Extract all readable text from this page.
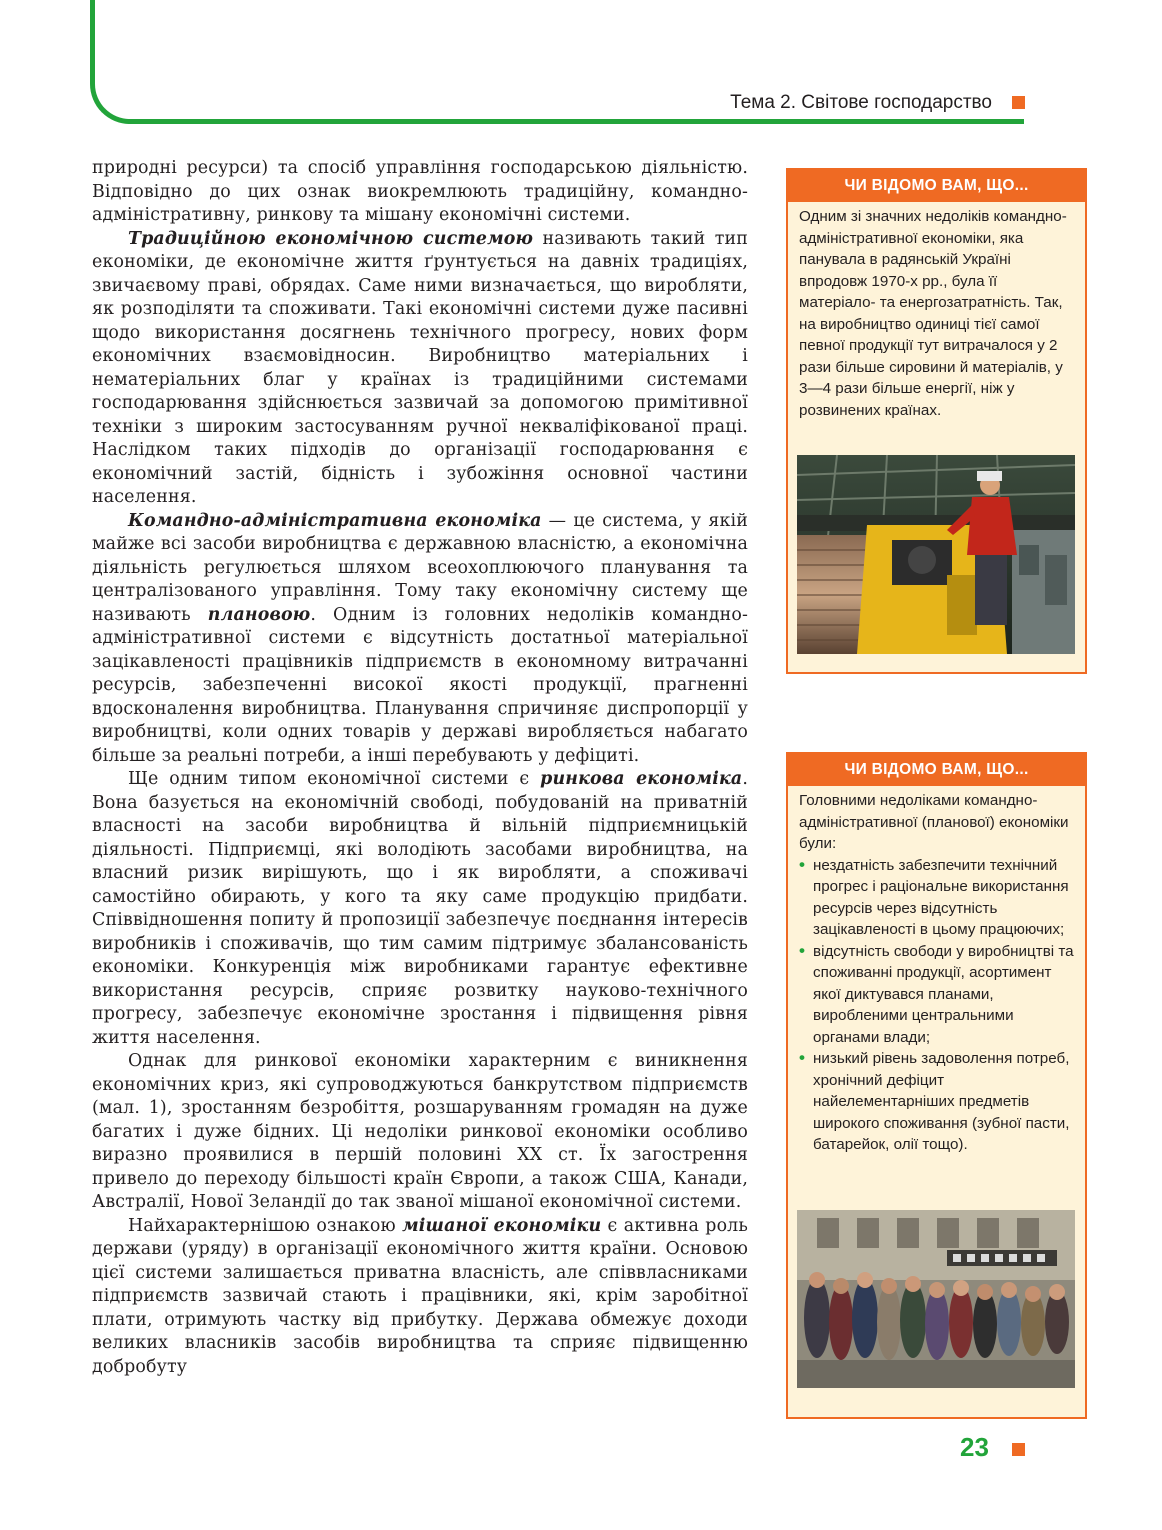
Тема 2. Світове господарство

природні ресурси) та спосіб управління господарською діяльністю. Відповідно до цих ознак виокремлюють традиційну, командно-адміністративну, ринкову та мішану економічні системи.

Традиційною економічною системою називають такий тип економіки, де економічне життя ґрунтується на давніх традиціях, звичаєвому праві, обрядах. Саме ними визначається, що виробляти, як розподіляти та споживати. Такі економічні системи дуже пасивні щодо використання досягнень технічного прогресу, нових форм економічних взаємовідносин. Виробництво матеріальних і нематеріальних благ у країнах із традиційними системами господарювання здійснюється зазвичай за допомогою примітивної техніки з широким застосуванням ручної некваліфікованої праці. Наслідком таких підходів до організації господарювання є економічний застій, бідність і зубожіння основної частини населення.

Командно-адміністративна економіка — це система, у якій майже всі засоби виробництва є державною власністю, а економічна діяльність регулюється шляхом всеохоплюючого планування та централізованого управління. Тому таку економічну систему ще називають плановою. Одним із головних недоліків командно-адміністративної системи є відсутність достатньої матеріальної зацікавленості працівників підприємств в економному витрачанні ресурсів, забезпеченні високої якості продукції, прагненні вдосконалення виробництва. Планування спричиняє диспропорції у виробництві, коли одних товарів у державі виробляється набагато більше за реальні потреби, а інші перебувають у дефіциті.

Ще одним типом економічної системи є ринкова економіка. Вона базується на економічній свободі, побудованій на приватній власності на засоби виробництва й вільній підприємницькій діяльності. Підприємці, які володіють засобами виробництва, на власний ризик вирішують, що і як виробляти, а споживачі самостійно обирають, у кого та яку саме продукцію придбати. Співвідношення попиту й пропозиції забезпечує поєднання інтересів виробників і споживачів, що тим самим підтримує збалансованість економіки. Конкуренція між виробниками гарантує ефективне використання ресурсів, сприяє розвитку науково-технічного прогресу, забезпечує економічне зростання і підвищення рівня життя населення.

Однак для ринкової економіки характерним є виникнення економічних криз, які супроводжуються банкрутством підприємств (мал. 1), зростанням безробіття, розшаруванням громадян на дуже багатих і дуже бідних. Ці недоліки ринкової економіки особливо виразно проявилися в першій половині XX ст. Їх загострення привело до переходу більшості країн Європи, а також США, Канади, Австралії, Нової Зеландії до так званої мішаної економічної системи.

Найхарактернішою ознакою мішаної економіки є активна роль держави (уряду) в організації економічного життя країни. Основою цієї системи залишається приватна власність, але співвласниками підприємств зазвичай стають і працівники, які, крім заробітної плати, отримують частку від прибутку. Держава обмежує доходи великих власників засобів виробництва та сприяє підвищенню добробуту

ЧИ ВІДОМО ВАМ, ЩО...
Одним зі значних недоліків командно-адміністративної економіки, яка панувала в радянській Україні впродовж 1970-х рр., була її матеріало- та енергозатратність. Так, на виробництво одиниці тієї самої певної продукції тут витрачалося у 2 рази більше сировини й матеріалів, у 3—4 рази більше енергії, ніж у розвинених країнах.
ЧИ ВІДОМО ВАМ, ЩО...
Головними недоліками командно-адміністративної (планової) економіки були:
• нездатність забезпечити технічний прогрес і раціональне використання ресурсів через відсутність зацікавленості в цьому працюючих;
• відсутність свободи у виробництві та споживанні продукції, асортимент якої диктувався планами, виробленими центральними органами влади;
• низький рівень задоволення потреб, хронічний дефіцит найелементарніших предметів широкого споживання (зубної пасти, батарейок, олії тощо).
23
